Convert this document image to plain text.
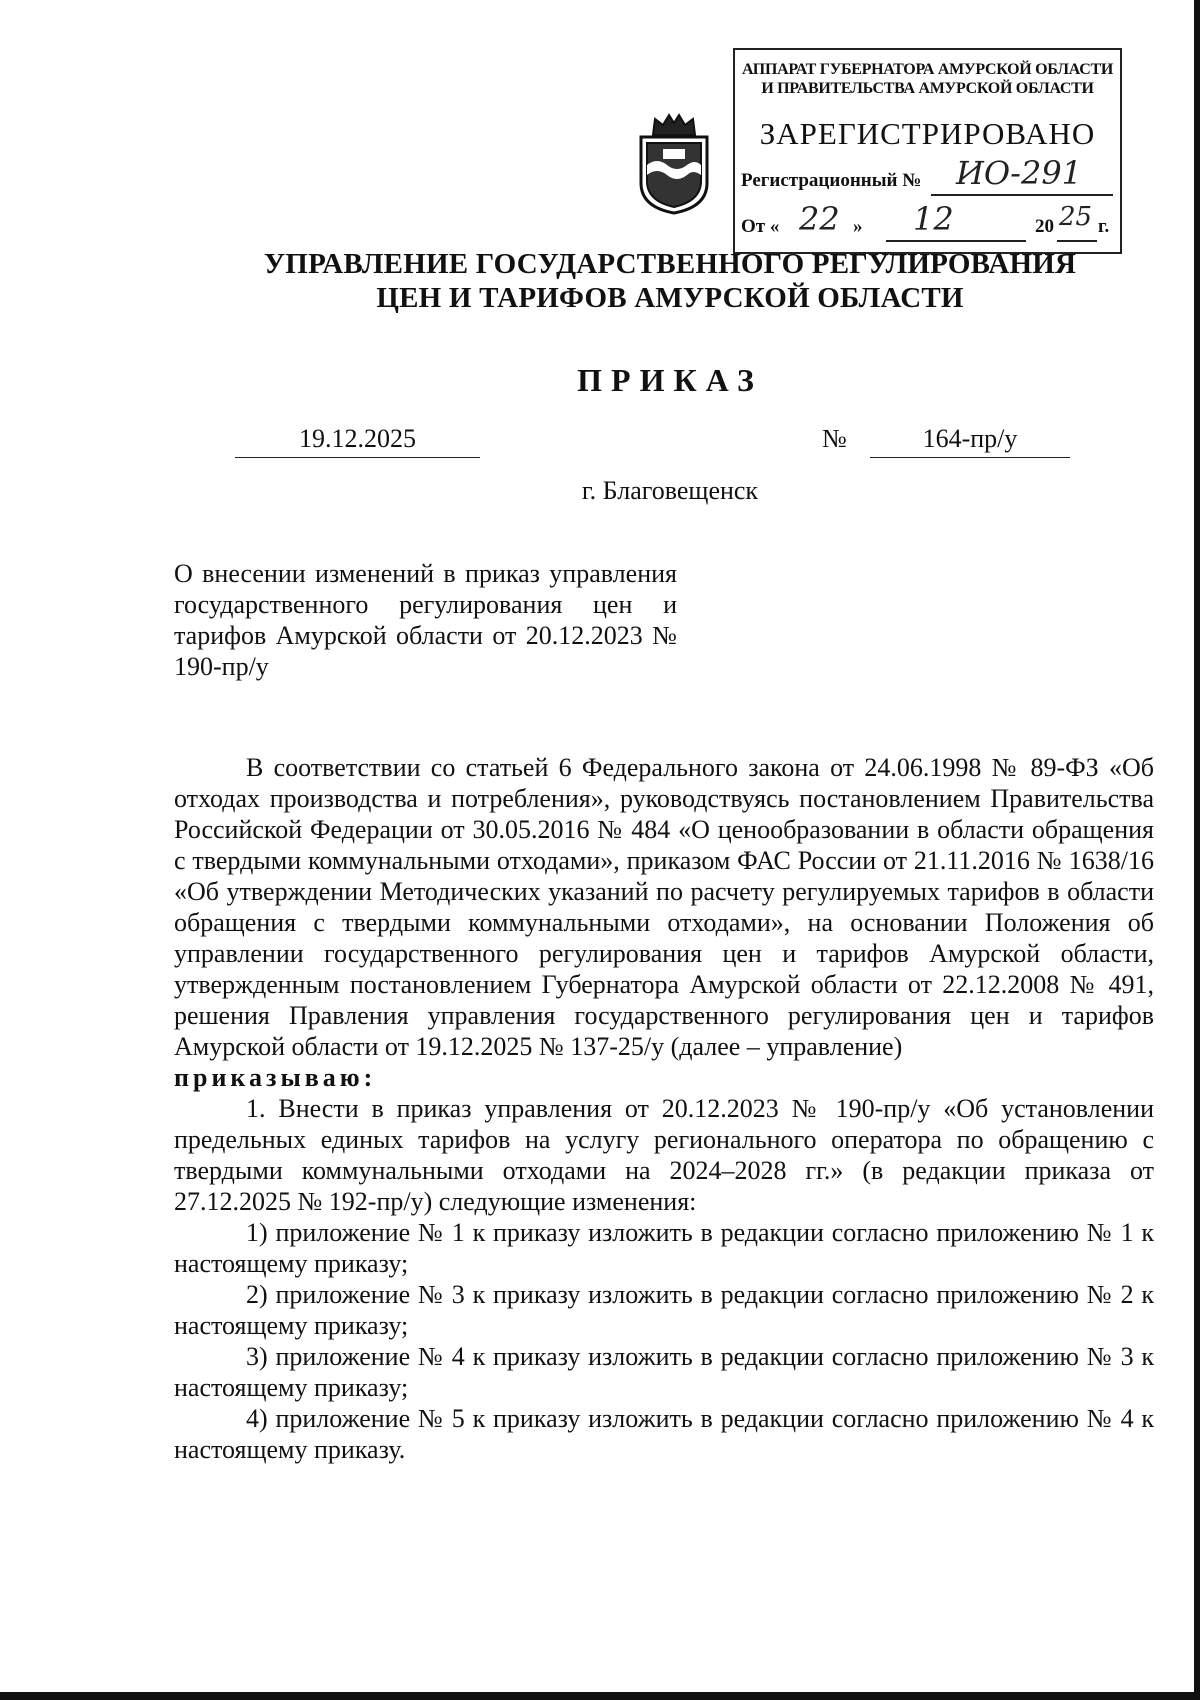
АППАРАТ ГУБЕРНАТОРА АМУРСКОЙ ОБЛАСТИ
И ПРАВИТЕЛЬСТВА АМУРСКОЙ ОБЛАСТИ
ЗАРЕГИСТРИРОВАНО
Регистрационный № ИО-291
От « 22 » 12	20 25 г.
УПРАВЛЕНИЕ ГОСУДАРСТВЕННОГО РЕГУЛИРОВАНИЯ
ЦЕН И ТАРИФОВ АМУРСКОЙ ОБЛАСТИ
ПРИКАЗ
19.12.2025	№	164-пр/у
г. Благовещенск
О внесении изменений в приказ управления государственного регулирования цен и тарифов Амурской области от 20.12.2023 № 190-пр/у

В соответствии со статьей 6 Федерального закона от 24.06.1998 № 89-ФЗ «Об отходах производства и потребления», руководствуясь постановлением Правительства Российской Федерации от 30.05.2016 № 484 «О ценообразовании в области обращения с твердыми коммунальными отходами», приказом ФАС России от 21.11.2016 № 1638/16 «Об утверждении Методических указаний по расчету регулируемых тарифов в области обращения с твердыми коммунальными отходами», на основании Положения об управлении государственного регулирования цен и тарифов Амурской области, утвержденным постановлением Губернатора Амурской области от 22.12.2008 № 491, решения Правления управления государственного регулирования цен и тарифов Амурской области от 19.12.2025 № 137-25/у (далее – управление)

приказываю:

1. Внести в приказ управления от 20.12.2023 № 190-пр/у «Об установлении предельных единых тарифов на услугу регионального оператора по обращению с твердыми коммунальными отходами на 2024–2028 гг.» (в редакции приказа от 27.12.2025 № 192-пр/у) следующие изменения:

1) приложение № 1 к приказу изложить в редакции согласно приложению № 1 к настоящему приказу;

2) приложение № 3 к приказу изложить в редакции согласно приложению № 2 к настоящему приказу;

3) приложение № 4 к приказу изложить в редакции согласно приложению № 3 к настоящему приказу;

4) приложение № 5 к приказу изложить в редакции согласно приложению № 4 к настоящему приказу.
